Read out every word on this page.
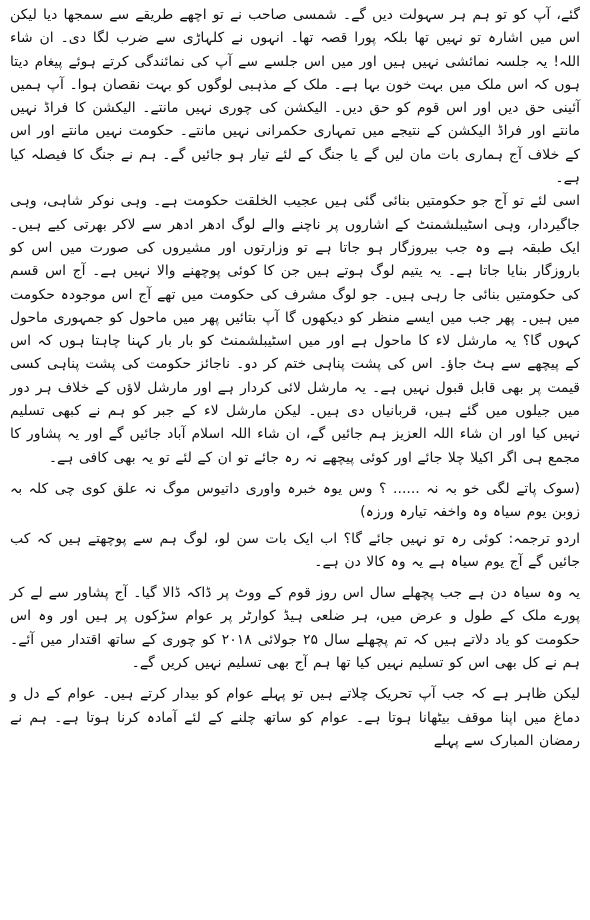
گئے، آپ کو تو ہم ہر سہولت دیں گے۔ شمسی صاحب نے تو اچھے طریقے سے سمجھا دیا لیکن اس میں اشارہ تو نہیں تھا بلکہ پورا قصہ تھا۔ انہوں نے کلہاڑی سے ضرب لگا دی۔ ان شاء اللہ! یہ جلسہ نمائشی نہیں ہیں اور میں اس جلسے سے آپ کی نمائندگی کرتے ہوئے پیغام دیتا ہوں کہ اس ملک میں بہت خون بہا ہے۔ ملک کے مذہبی لوگوں کو بہت نقصان ہوا۔ آپ ہمیں آئینی حق دیں اور اس قوم کو حق دیں۔ الیکشن کی چوری نہیں مانتے۔ الیکشن کا فراڈ نہیں مانتے اور فراڈ الیکشن کے نتیجے میں تمہاری حکمرانی نہیں مانتے۔ حکومت نہیں مانتے اور اس کے خلاف آج ہماری بات مان لیں گے یا جنگ کے لئے تیار ہو جائیں گے۔ ہم نے جنگ کا فیصلہ کیا ہے۔

اسی لئے تو آج جو حکومتیں بنائی گئی ہیں عجیب الخلقت حکومت ہے۔ وہی نوکر شاہی، وہی جاگیردار، وہی اسٹیبلشمنٹ کے اشاروں پر ناچنے والے لوگ ادھر ادھر سے لاکر بھرتی کیے ہیں۔ ایک طبقہ ہے وہ جب بیروزگار ہو جاتا ہے تو وزارتوں اور مشیروں کی صورت میں اس کو باروزگار بنایا جاتا ہے۔ یہ یتیم لوگ ہوتے ہیں جن کا کوئی پوچھنے والا نہیں ہے۔ آج اس قسم کی حکومتیں بنائی جا رہی ہیں۔ جو لوگ مشرف کی حکومت میں تھے آج اس موجودہ حکومت میں ہیں۔ پھر جب میں ایسے منظر کو دیکھوں گا آپ بتائیں پھر میں ماحول کو جمہوری ماحول کہوں گا؟ یہ مارشل لاء کا ماحول ہے اور میں اسٹیبلشمنٹ کو بار بار کہنا چاہتا ہوں کہ اس کے پیچھے سے ہٹ جاؤ۔ اس کی پشت پناہی ختم کر دو۔ ناجائز حکومت کی پشت پناہی کسی قیمت پر بھی قابل قبول نہیں ہے۔ یہ مارشل لائی کردار ہے اور مارشل لاؤں کے خلاف ہر دور میں جیلوں میں گئے ہیں، قربانیاں دی ہیں۔ لیکن مارشل لاء کے جبر کو ہم نے کبھی تسلیم نہیں کیا اور ان شاء اللہ العزیز ہم جائیں گے، ان شاء اللہ اسلام آباد جائیں گے اور یہ پشاور کا مجمع ہی اگر اکیلا چلا جائے اور کوئی پیچھے نہ رہ جائے تو ان کے لئے تو یہ بھی کافی ہے۔

(سوک پاتے لگی خو بہ نہ ...... ؟ وس یوہ خبرہ واوری داتیوس موگ نہ علق کوی چی کلہ بہ زوبن یوم سیاہ وہ واخفہ تیارہ ورزہ)

اردو ترجمہ: کوئی رہ تو نہیں جائے گا؟ اب ایک بات سن لو، لوگ ہم سے پوچھتے ہیں کہ کب جائیں گے آج یوم سیاہ ہے یہ وہ کالا دن ہے۔

یہ وہ سیاہ دن ہے جب پچھلے سال اس روز قوم کے ووٹ پر ڈاکہ ڈالا گیا۔ آج پشاور سے لے کر پورے ملک کے طول و عرض میں، ہر ضلعی ہیڈ کوارٹر پر عوام سڑکوں پر ہیں اور وہ اس حکومت کو یاد دلاتے ہیں کہ تم پچھلے سال ۲۵ جولائی ۲۰۱۸ کو چوری کے ساتھ اقتدار میں آئے۔ ہم نے کل بھی اس کو تسلیم نہیں کیا تھا ہم آج بھی تسلیم نہیں کریں گے۔

لیکن ظاہر ہے کہ جب آپ تحریک چلاتے ہیں تو پہلے عوام کو بیدار کرتے ہیں۔ عوام کے دل و دماغ میں اپنا موقف بیٹھانا ہوتا ہے۔ عوام کو ساتھ چلنے کے لئے آمادہ کرنا ہوتا ہے۔ ہم نے رمضان المبارک سے پہلے
